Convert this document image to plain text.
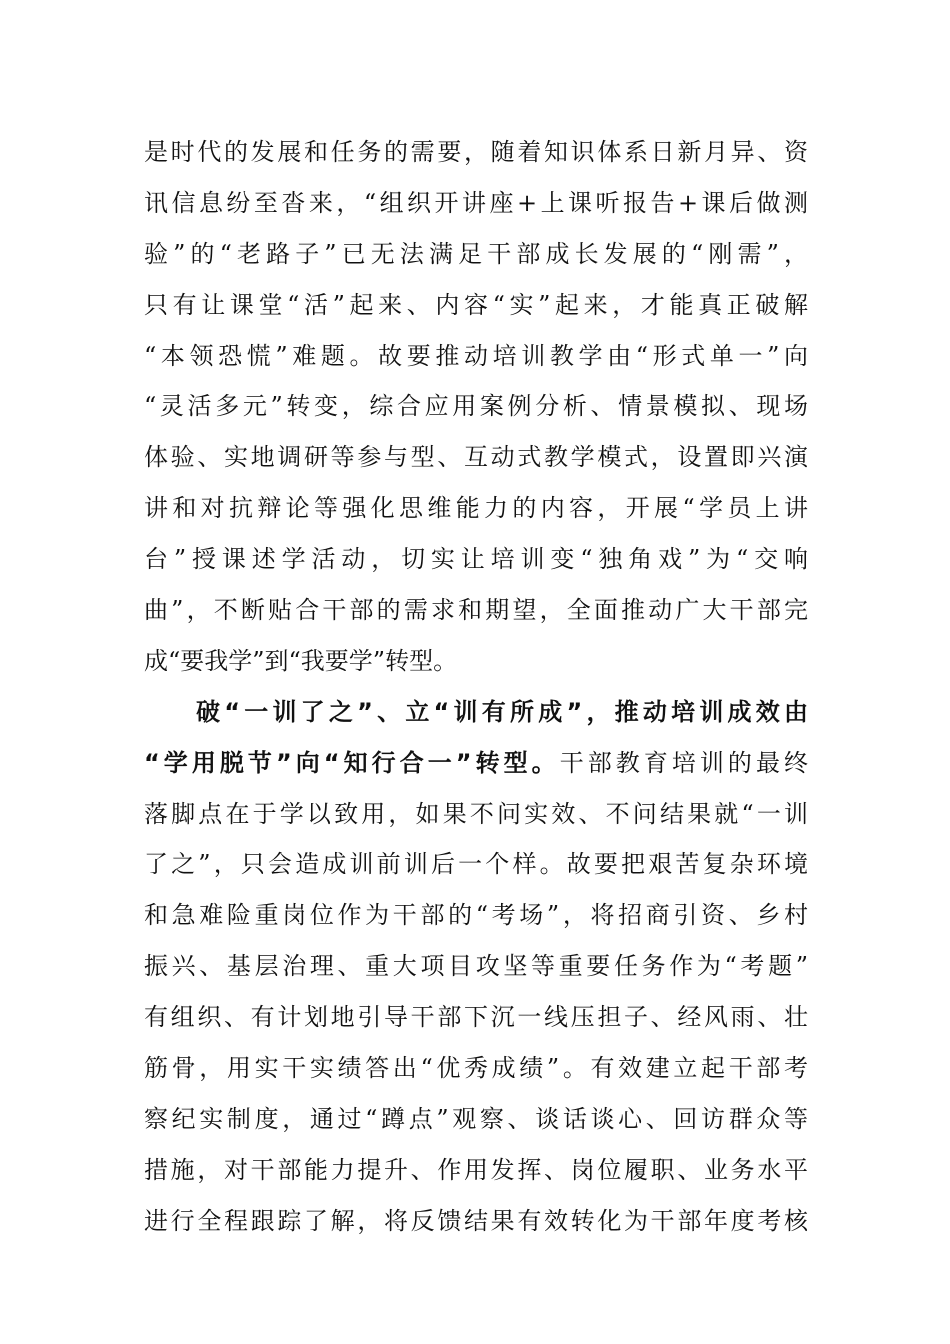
是时代的发展和任务的需要，随着知识体系日新月异、资
讯信息纷至沓来，“组织开讲座+上课听报告+课后做测
验”的“老路子”已无法满足干部成长发展的“刚需”，
只有让课堂“活”起来、内容“实”起来，才能真正破解
“本领恐慌”难题。故要推动培训教学由“形式单一”向
“灵活多元”转变，综合应用案例分析、情景模拟、现场
体验、实地调研等参与型、互动式教学模式，设置即兴演
讲和对抗辩论等强化思维能力的内容，开展“学员上讲
台”授课述学活动，切实让培训变“独角戏”为“交响
曲”，不断贴合干部的需求和期望，全面推动广大干部完
成“要我学”到“我要学”转型。
破“一训了之”、立“训有所成”，推动培训成效由
“学用脱节”向“知行合一”转型。干部教育培训的最终
落脚点在于学以致用，如果不问实效、不问结果就“一训
了之”，只会造成训前训后一个样。故要把艰苦复杂环境
和急难险重岗位作为干部的“考场”，将招商引资、乡村
振兴、基层治理、重大项目攻坚等重要任务作为“考题”
有组织、有计划地引导干部下沉一线压担子、经风雨、壮
筋骨，用实干实绩答出“优秀成绩”。有效建立起干部考
察纪实制度，通过“蹲点”观察、谈话谈心、回访群众等
措施，对干部能力提升、作用发挥、岗位履职、业务水平
进行全程跟踪了解，将反馈结果有效转化为干部年度考核
